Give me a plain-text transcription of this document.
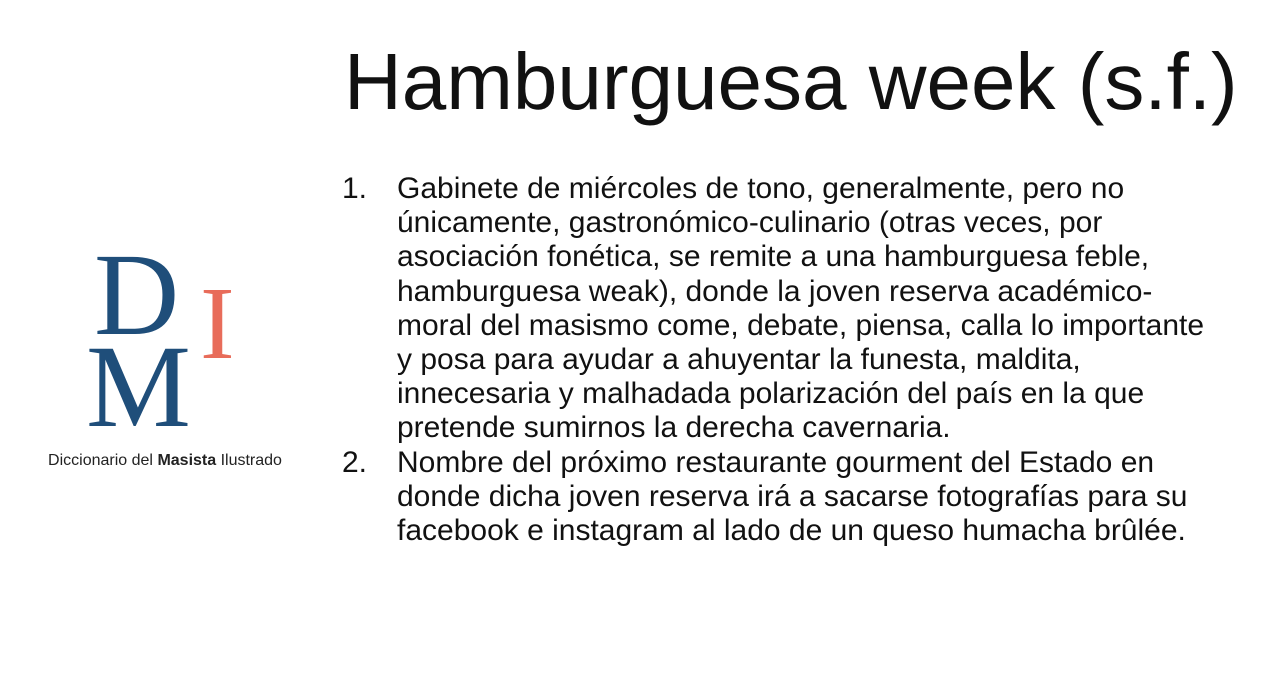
D
M I
Diccionario del Masista Ilustrado
Hamburguesa week (s.f.)
1. Gabinete de miércoles de tono, generalmente, pero no únicamente, gastronómico-culinario (otras veces, por asociación fonética, se remite a una hamburguesa feble, hamburguesa weak), donde la joven reserva académico-moral del masismo come, debate, piensa, calla lo importante y posa para ayudar a ahuyentar la funesta, maldita, innecesaria y malhadada polarización del país en la que pretende sumirnos la derecha cavernaria.
2. Nombre del próximo restaurante gourment del Estado en donde dicha joven reserva irá a sacarse fotografías para su facebook e instagram al lado de un queso humacha brûlée.
